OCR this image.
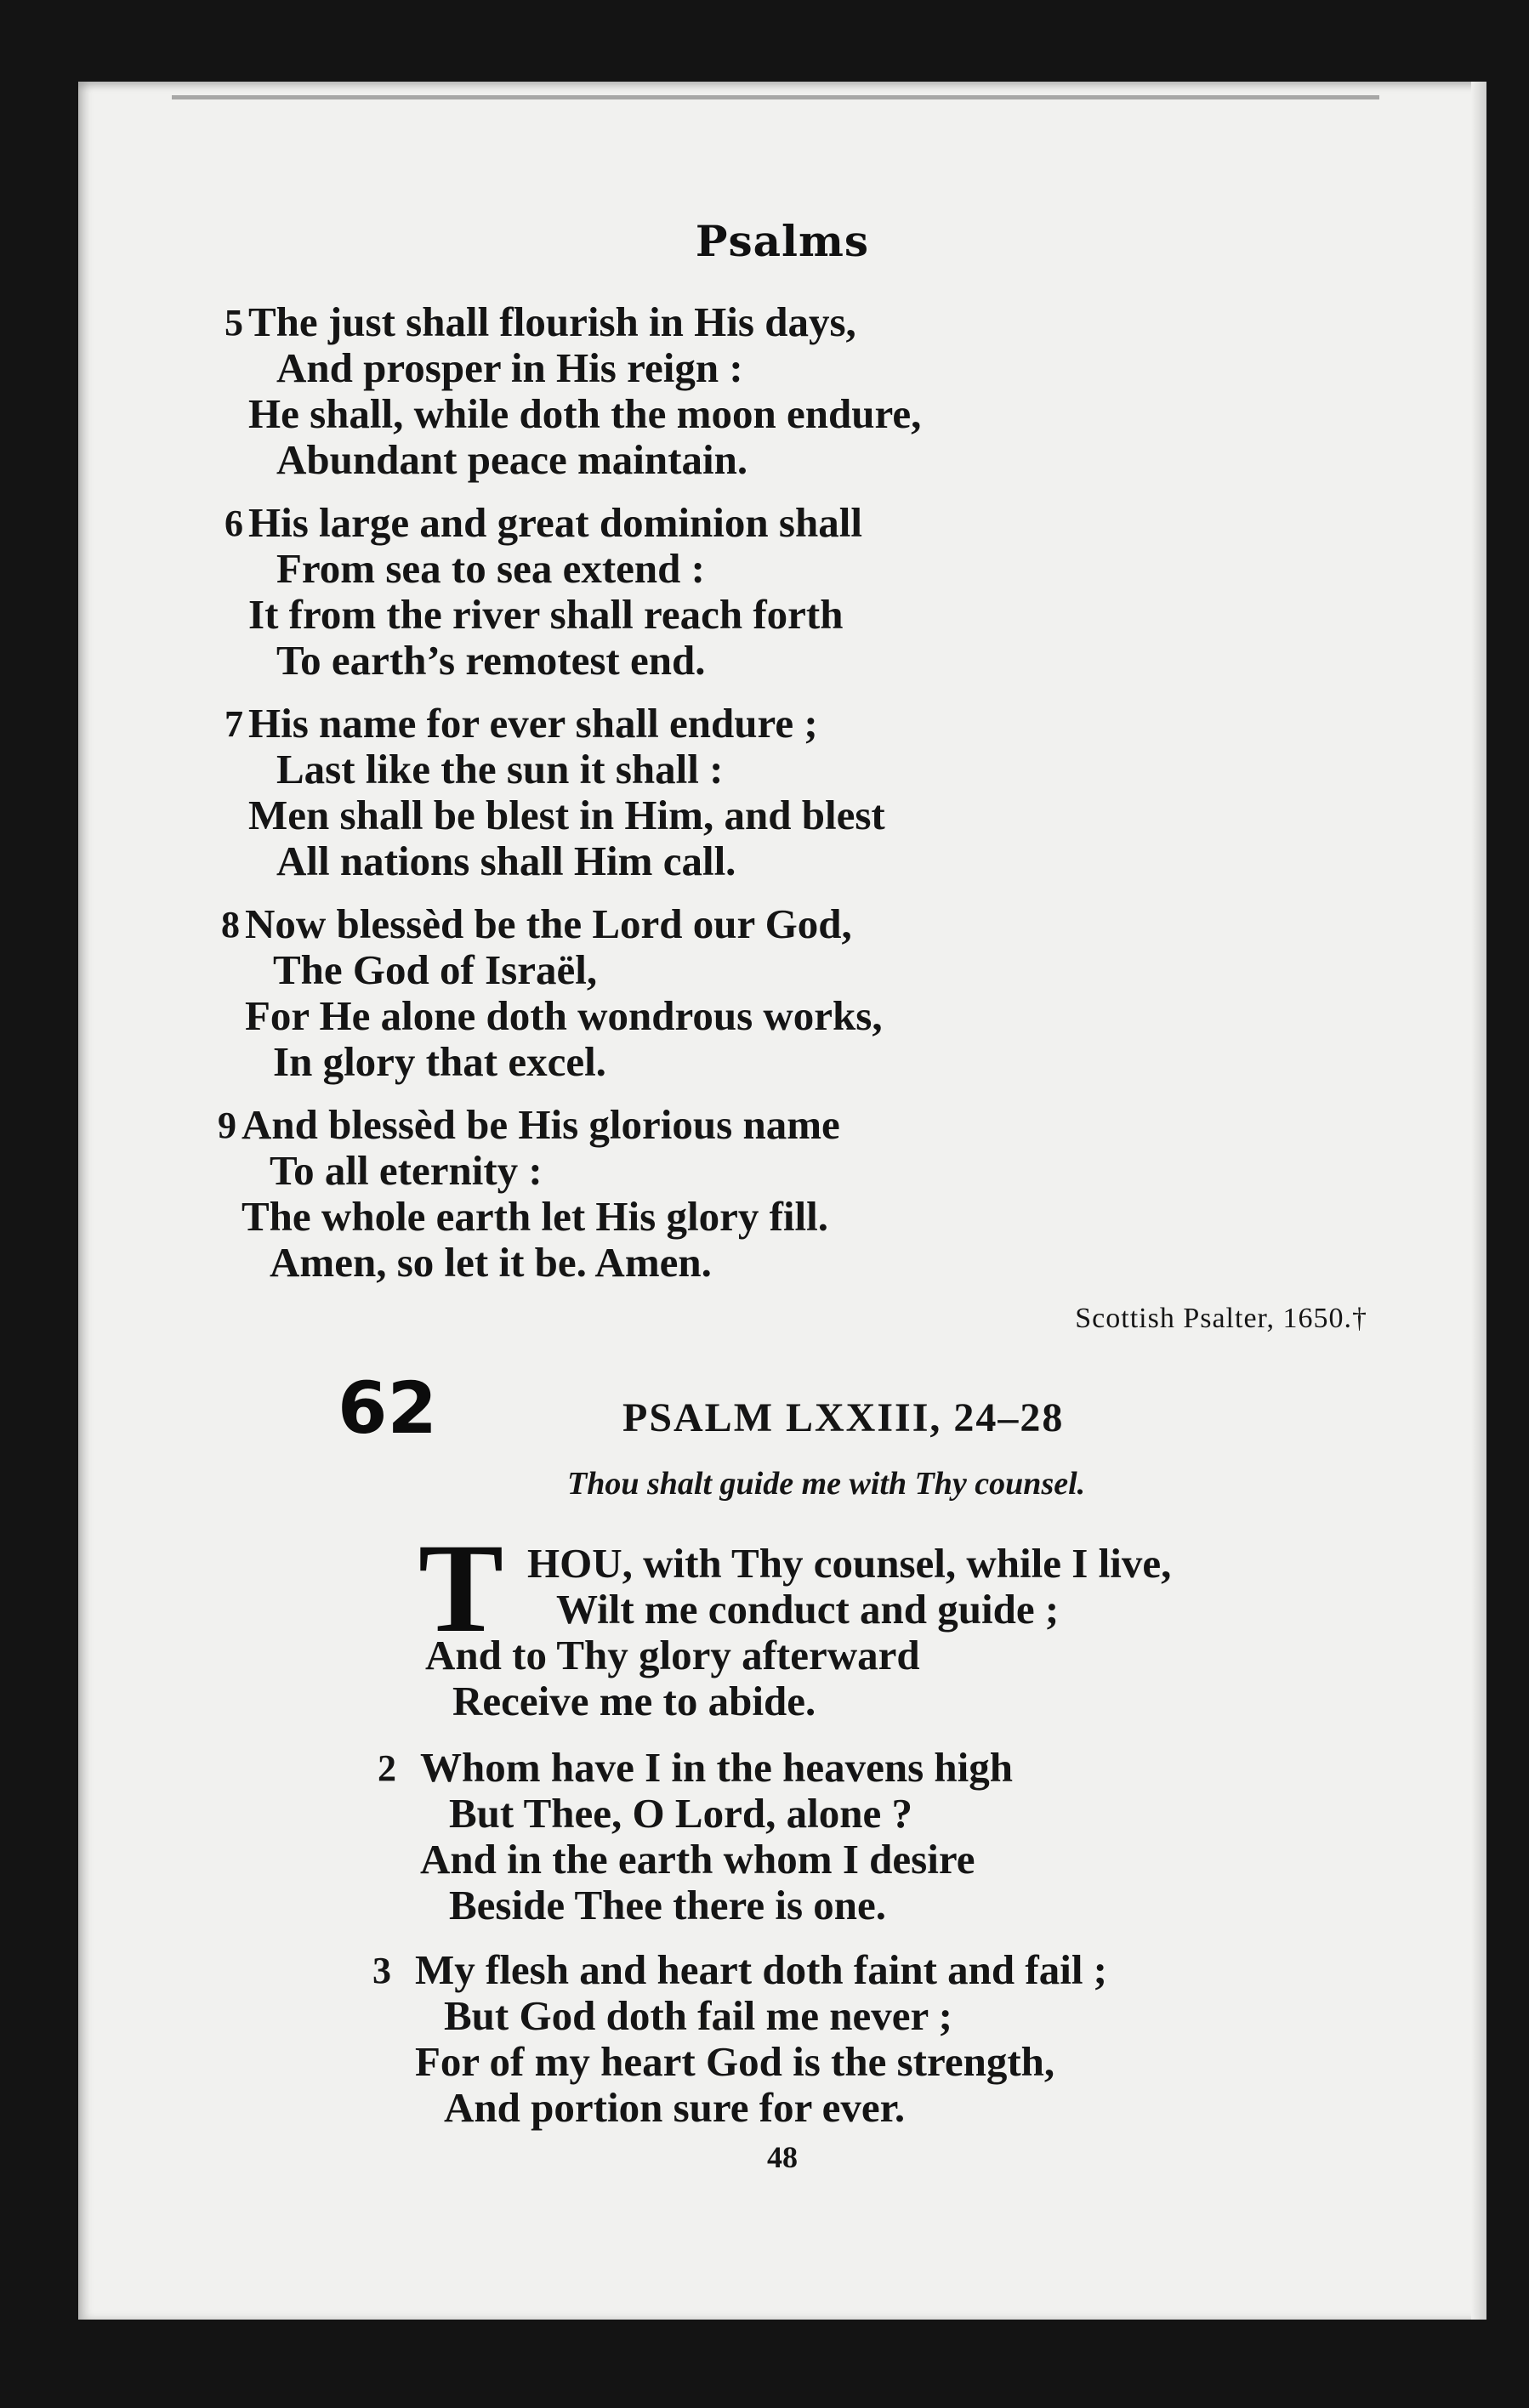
Psalms
5 The just shall flourish in His days,
And prosper in His reign :
He shall, while doth the moon endure,
Abundant peace maintain.
6 His large and great dominion shall
From sea to sea extend :
It from the river shall reach forth
To earth’s remotest end.
7 His name for ever shall endure ;
Last like the sun it shall :
Men shall be blest in Him, and blest
All nations shall Him call.
8 Now blessèd be the Lord our God,
The God of Israël,
For He alone doth wondrous works,
In glory that excel.
9 And blessèd be His glorious name
To all eternity :
The whole earth let His glory fill.
Amen, so let it be. Amen.
Scottish Psalter, 1650.†
62	PSALM LXXIII, 24–28
Thou shalt guide me with Thy counsel.
T HOU, with Thy counsel, while I live,
Wilt me conduct and guide ;
And to Thy glory afterward
Receive me to abide.
2 Whom have I in the heavens high
But Thee, O Lord, alone ?
And in the earth whom I desire
Beside Thee there is one.
3 My flesh and heart doth faint and fail ;
But God doth fail me never ;
For of my heart God is the strength,
And portion sure for ever.
48
